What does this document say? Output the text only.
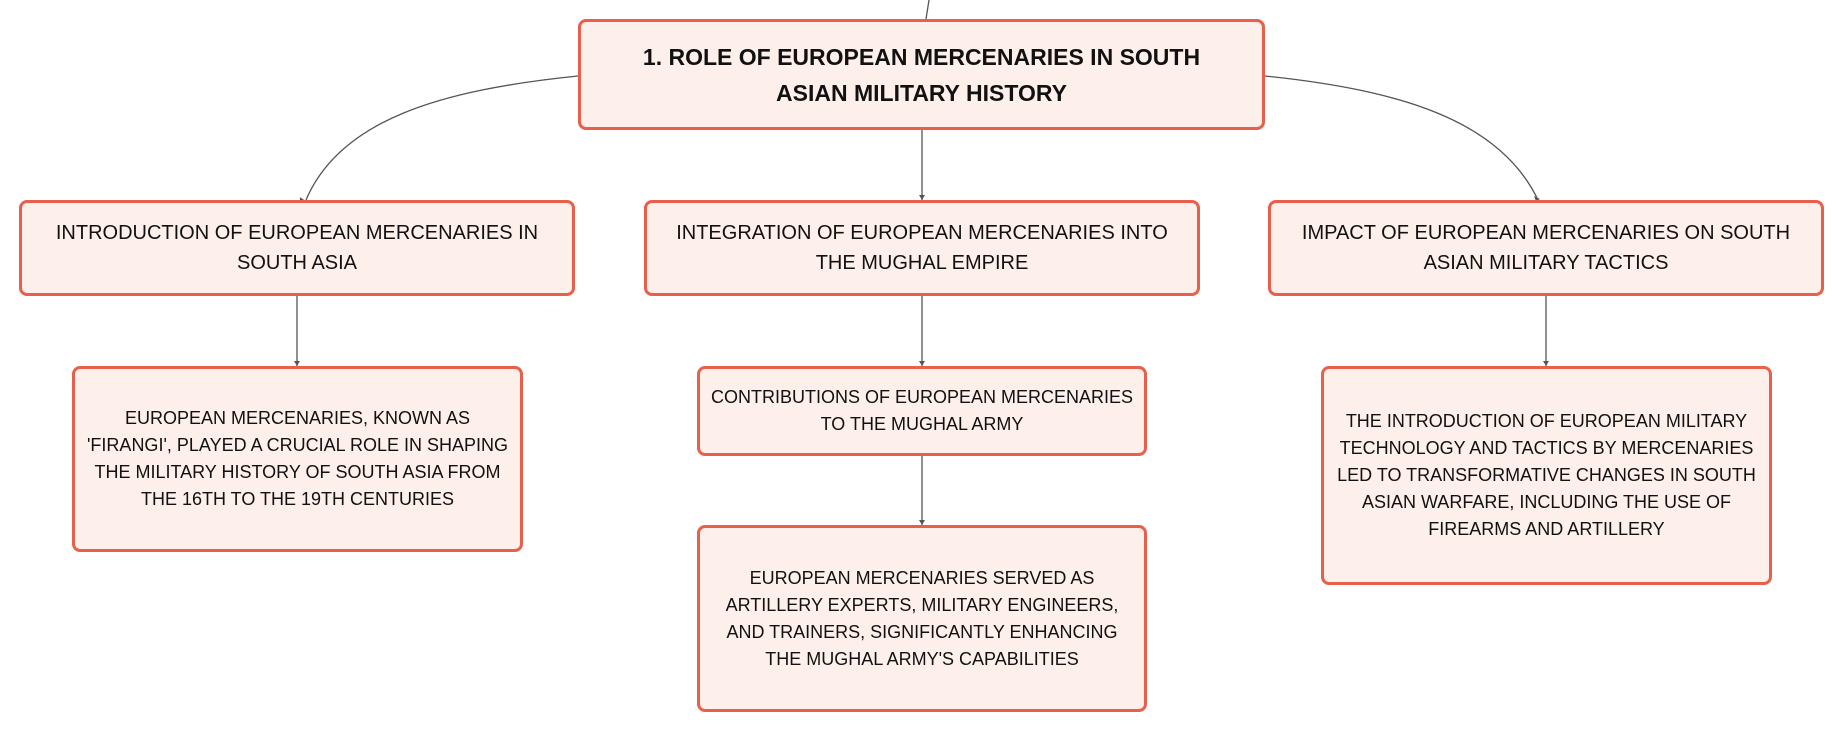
1. ROLE OF EUROPEAN MERCENARIES IN SOUTH ASIAN MILITARY HISTORY
INTRODUCTION OF EUROPEAN MERCENARIES IN SOUTH ASIA
INTEGRATION OF EUROPEAN MERCENARIES INTO THE MUGHAL EMPIRE
IMPACT OF EUROPEAN MERCENARIES ON SOUTH ASIAN MILITARY TACTICS
EUROPEAN MERCENARIES, KNOWN AS 'FIRANGI', PLAYED A CRUCIAL ROLE IN SHAPING THE MILITARY HISTORY OF SOUTH ASIA FROM THE 16TH TO THE 19TH CENTURIES
CONTRIBUTIONS OF EUROPEAN MERCENARIES TO THE MUGHAL ARMY
EUROPEAN MERCENARIES SERVED AS ARTILLERY EXPERTS, MILITARY ENGINEERS, AND TRAINERS, SIGNIFICANTLY ENHANCING THE MUGHAL ARMY'S CAPABILITIES
THE INTRODUCTION OF EUROPEAN MILITARY TECHNOLOGY AND TACTICS BY MERCENARIES LED TO TRANSFORMATIVE CHANGES IN SOUTH ASIAN WARFARE, INCLUDING THE USE OF FIREARMS AND ARTILLERY
